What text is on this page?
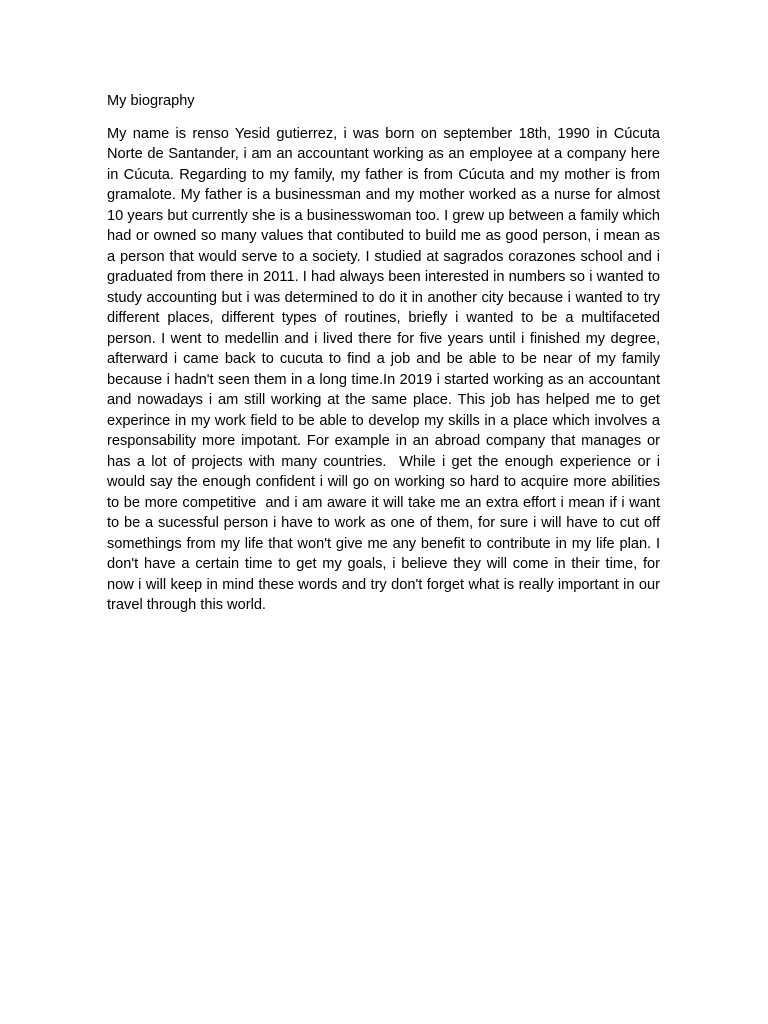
My biography

My name is renso Yesid gutierrez, i was born on september 18th, 1990 in Cúcuta Norte de Santander, i am an accountant working as an employee at a company here in Cúcuta. Regarding to my family, my father is from Cúcuta and my mother is from gramalote. My father is a businessman and my mother worked as a nurse for almost 10 years but currently she is a businesswoman too. I grew up between a family which had or owned so many values that contibuted to build me as good person, i mean as a person that would serve to a society. I studied at sagrados corazones school and i graduated from there in 2011. I had always been interested in numbers so i wanted to study accounting but i was determined to do it in another city because i wanted to try different places, different types of routines, briefly i wanted to be a multifaceted person. I went to medellin and i lived there for five years until i finished my degree, afterward i came back to cucuta to find a job and be able to be near of my family because i hadn't seen them in a long time.In 2019 i started working as an accountant and nowadays i am still working at the same place. This job has helped me to get experince in my work field to be able to develop my skills in a place which involves a responsability more impotant. For example in an abroad company that manages or has a lot of projects with many countries.  While i get the enough experience or i would say the enough confident i will go on working so hard to acquire more abilities to be more competitive  and i am aware it will take me an extra effort i mean if i want to be a sucessful person i have to work as one of them, for sure i will have to cut off somethings from my life that won't give me any benefit to contribute in my life plan. I don't have a certain time to get my goals, i believe they will come in their time, for now i will keep in mind these words and try don't forget what is really important in our travel through this world.
